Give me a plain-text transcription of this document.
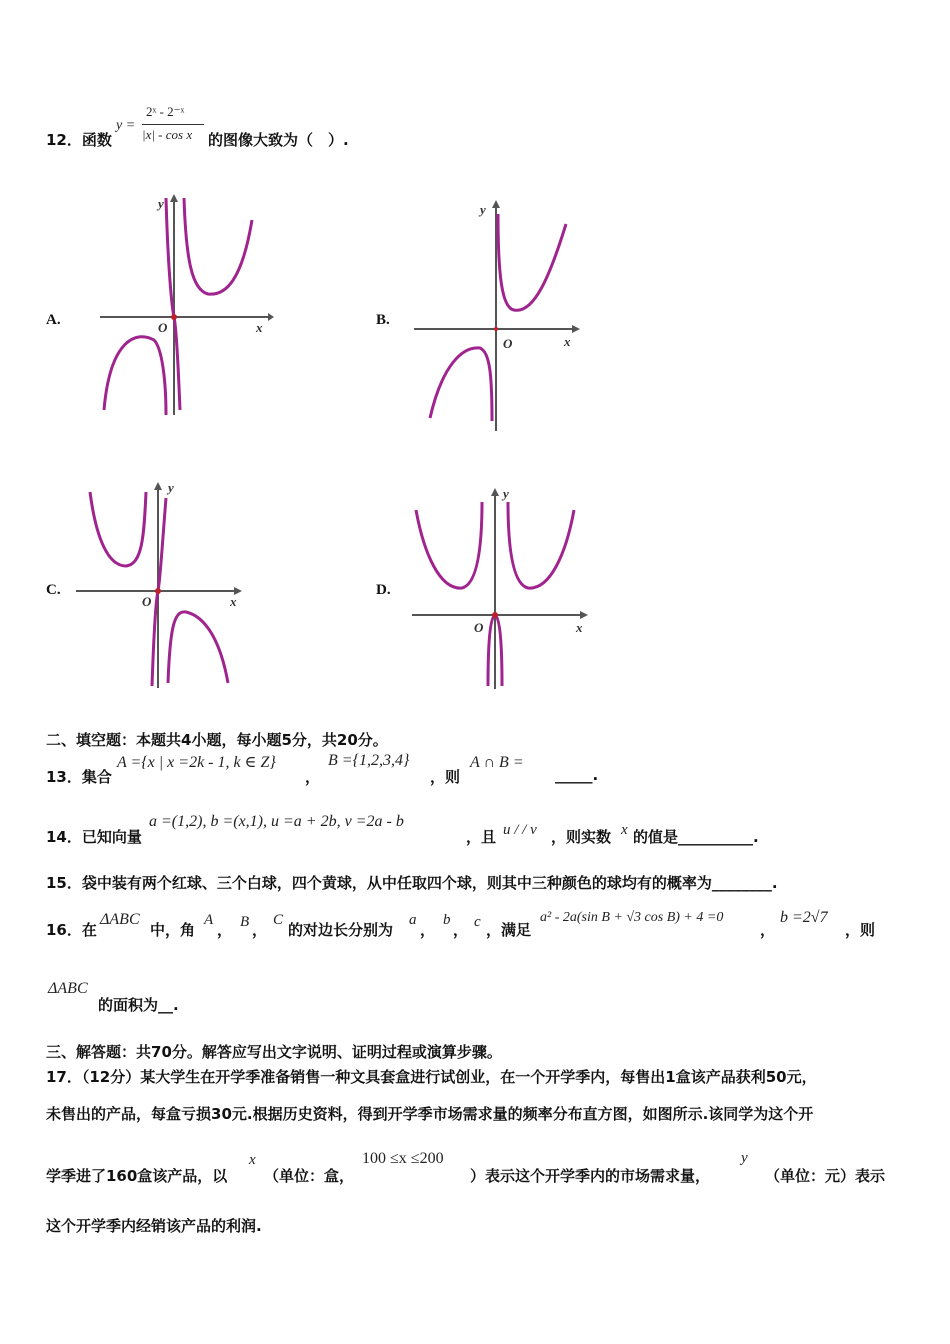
12．函数
y =
2ˣ - 2⁻ˣ
|x| - cos x 的图像大致为（　）.
A.
y
O	x	B.
y
O	x
C.
y
O	x
D.
y
O	x
二、填空题：本题共4小题，每小题5分，共20分。
13．集合
A ={x | x =2k - 1, k ∈ Z}
，
B ={1,2,3,4}
，则
A ∩ B =
_____.
14．已知向量
a =(1,2), b =(x,1), u =a + 2b, v =2a - b
，且 u / / v ，则实数 x 的值是__________.
15．袋中装有两个红球、三个白球，四个黄球，从中任取四个球，则其中三种颜色的球均有的概率为________.
16．在
ΔABC
中，角
A
， B ，
C
的对边长分别为
a
，
b
， c ，满足
a² - 2a(sin B + √3 cos B) + 4 =0
，
b =2√7
，则
ΔABC
的面积为__.
三、解答题：共70分。解答应写出文字说明、证明过程或演算步骤。
17．（12分）某大学生在开学季准备销售一种文具套盒进行试创业，在一个开学季内，每售出1盒该产品获利50元，
未售出的产品，每盒亏损30元.根据历史资料，得到开学季市场需求量的频率分布直方图，如图所示.该同学为这个开
学季进了160盒该产品，以
x
（单位：盒，
100 ≤x ≤200
）表示这个开学季内的市场需求量，
y
（单位：元）表示
这个开学季内经销该产品的利润.
